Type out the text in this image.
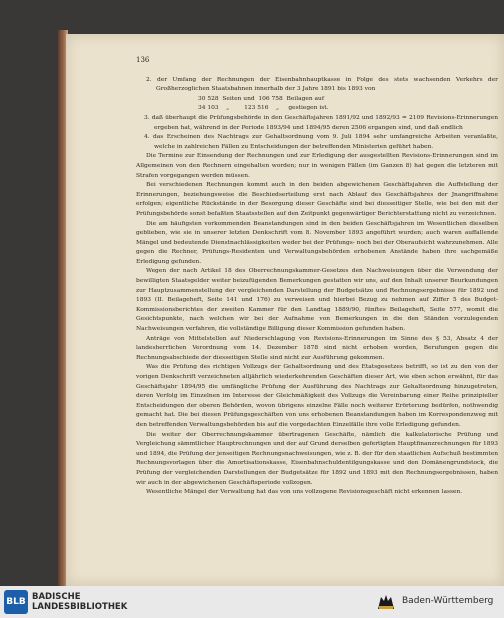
136
2. der Umfang der Rechnungen der Eisenbahnhauptkasse in Folge des stets wachsenden Verkehrs der Großherzoglichen Staatsbahnen innerhalb der 3 Jahre 1891 bis 1893 von
30 528  Seiten und  106 758  Beilagen auf
34 103    „        123 516    „     gestiegen ist.
3. daß überhaupt die Prüfungsbehörde in den Geschäftsjahren 1891/92 und 1892/93 = 2109 Revisions-Erinnerungen ergeben hat, während in der Periode 1893/94 und 1894/95 deren 2506 ergangen sind, und daß endlich
4. das Erscheinen des Nachtrags zur Gehaltsordnung vom 9. Juli 1894 sehr umfangreiche Arbeiten veranlaßte, welche in zahlreichen Fällen zu Entscheidungen der betreffenden Ministerien geführt haben.
Die Termine zur Einsendung der Rechnungen und zur Erledigung der ausgestellten Revisions-Erinnerungen sind im Allgemeinen von den Rechnern eingehalten worden; nur in wenigen Fällen (im Ganzen 8) hat gegen die letzteren mit Strafen vorgegangen werden müssen.
Bei verschiedenen Rechnungen kommt auch in den beiden abgewichenen Geschäftsjahren die Auffstellung der Erinnerungen, beziehungsweise die Beschiedserteilung erst nach Ablauf des Geschäftsjahres der Jnangriffnahme erfolgen; eigentliche Rückstände in der Besorgung dieser Geschäfte sind bei diesseitiger Stelle, wie bei den mit der Prüfungsbehörde sonst befaßten Staatsstellen auf den Zeitpunkt gegenwärtiger Berichterstattung nicht zu verzeichnen.
Die am häufigsten vorkommenden Beanstandungen sind in den beiden Geschäftsjahren im Wesentlichen dieselben geblieben, wie sie in unserer letzten Denkschrift vom 8. November 1893 angeführt wurden; auch waren auffallende Mängel und bedeutende Dienstnachlässigkeiten weder bei der Prüfungs- noch bei der Oberaufsicht wahrzunehmen. Alle gegen die Rechner, Prüfungs-Residenten und Verwaltungsbehörden erhobenen Anstände haben ihre sachgemäße Erledigung gefunden.
Wegen der nach Artikel 18 des Oberrechnungskammer-Gesetzes den Nachweisungen über die Verwendung der bewilligten Staatsgelder weiter beizufügenden Bemerkungen gestatten wir uns, auf den Inhalt unserer Beurkundungen zur Hauptzusammenstellung der vergleichenden Darstellung der Budgetsätze und Rechnungsergebnisse für 1892 und 1893 (II. Beilageheft, Seite 141 und 176) zu verweisen und hierbei Bezug zu nehmen auf Ziffer 5 des Budget-Kommissionsberichtes der zweiten Kammer für den Landtag 1889/90, fünftes Beilageheft, Seite 577, womit die Gesichtspunkte, nach welchen wir bei der Aufnahme von Bemerkungen in die den Ständen vorzulegenden Nachweisungen verfahren, die vollständige Billigung dieser Kommission gefunden haben.
Anträge von Mittelstellen auf Niederschlagung von Revisions-Erinnerungen im Sinne des § 53, Absatz 4 der landesherrlichen Verordnung vom 14. Dezember 1878 sind nicht erhoben worden, Berufungen gegen die Rechnungsabschiede der diesseitigen Stelle sind nicht zur Ausführung gekommen.
Was die Prüfung des richtigen Vollzugs der Gehaltsordnung und des Etatsgesetzes betrifft, so ist zu den von der vorigen Denkschrift verzeichneten alljährlich wiederkehrenden Geschäften dieser Art, wie eben schon erwähnt, für das Geschäftsjahr 1894/95 die umfängliche Prüfung der Ausführung des Nachtrags zur Gehaltsordnung hinzugetreten, deren Verfolg im Einzelnen im Interesse der Gleichmäßigkeit des Vollzugs die Vereinbarung einer Reihe prinzipieller Entscheidungen der oberen Behörden, wovon übrigens einzelne Fälle noch weiterer Erörterung bedürfen, nothwendig gemacht hat. Die bei diesen Prüfungsgeschäften von uns erhobenen Beanstandungen haben im Korrespondenzweg mit den betreffenden Verwaltungsbehörden bis auf die vorgedachten Einzelfälle ihre volle Erledigung gefunden.
Die weiter der Oberrechnungskammer übertragenen Geschäfte, nämlich die kalkulatorische Prüfung und Vergleichung sämmtlicher Hauptrechnungen und der auf Grund derselben gefertigten Hauptfinanzrechnungen für 1893 und 1894, die Prüfung der jenseitigen Rechnungsnachweisungen, wie z. B. der für den staatlichen Aufschuß bestimmten Rechnungsvorlagen über die Amortisationskasse, Eisenbahnschuldentilgungskasse und den Domänengrundstock, die Prüfung der vergleichenden Darstellungen der Budgetsätze für 1892 und 1893 mit den Rechnungsergebnissen, haben wir auch in der abgewichenen Geschäftsperiode vollzogen.
Wesentliche Mängel der Verwaltung hat das von uns vollzogene Revisionsgeschäft nicht erkennen lassen.
BLB BADISCHE
LANDESBIBLIOTHEK
Baden-Württemberg
